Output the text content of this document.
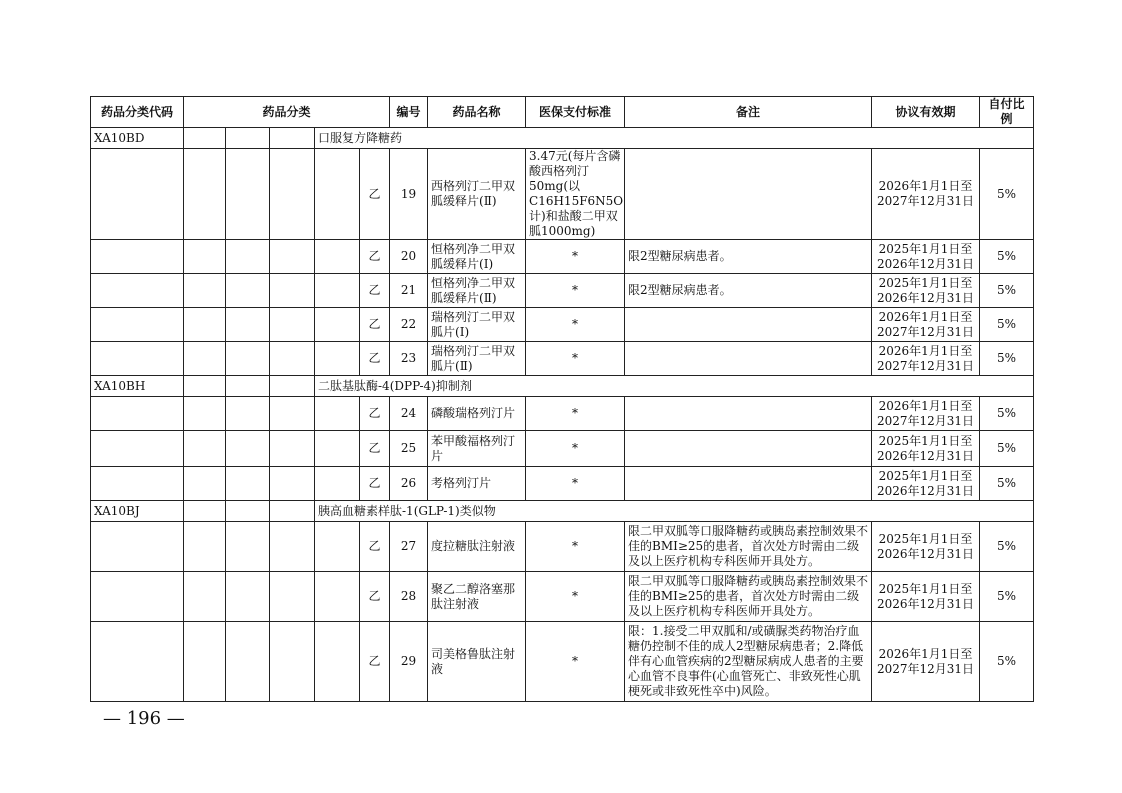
药品分类代码	药品分类					编号	药品名称	医保支付标准	备注	协议有效期	自付比例
XA10BD				口服复方降糖药							
					乙	19	西格列汀二甲双胍缓释片(Ⅱ)	3.47元(每片含磷酸西格列汀50mg(以C16H15F6N5O计)和盐酸二甲双胍1000mg)		2026年1月1日至2027年12月31日	5%
					乙	20	恒格列净二甲双胍缓释片(Ⅰ)	*	限2型糖尿病患者。	2025年1月1日至2026年12月31日	5%
					乙	21	恒格列净二甲双胍缓释片(Ⅱ)	*	限2型糖尿病患者。	2025年1月1日至2026年12月31日	5%
					乙	22	瑞格列汀二甲双胍片(Ⅰ)	*		2026年1月1日至2027年12月31日	5%
					乙	23	瑞格列汀二甲双胍片(Ⅱ)	*		2026年1月1日至2027年12月31日	5%
XA10BH				二肽基肽酶-4(DPP-4)抑制剂							
					乙	24	磷酸瑞格列汀片	*		2026年1月1日至2027年12月31日	5%
					乙	25	苯甲酸福格列汀片	*		2025年1月1日至2026年12月31日	5%
					乙	26	考格列汀片	*		2025年1月1日至2026年12月31日	5%
XA10BJ				胰高血糖素样肽-1(GLP-1)类似物							
					乙	27	度拉糖肽注射液	*	限二甲双胍等口服降糖药或胰岛素控制效果不佳的BMI≥25的患者，首次处方时需由二级及以上医疗机构专科医师开具处方。	2025年1月1日至2026年12月31日	5%
					乙	28	聚乙二醇洛塞那肽注射液	*	限二甲双胍等口服降糖药或胰岛素控制效果不佳的BMI≥25的患者，首次处方时需由二级及以上医疗机构专科医师开具处方。	2025年1月1日至2026年12月31日	5%
					乙	29	司美格鲁肽注射液	*	限：1.接受二甲双胍和/或磺脲类药物治疗血糖仍控制不佳的成人2型糖尿病患者；2.降低伴有心血管疾病的2型糖尿病成人患者的主要心血管不良事件(心血管死亡、非致死性心肌梗死或非致死性卒中)风险。	2026年1月1日至2027年12月31日	5%
— 196 —
